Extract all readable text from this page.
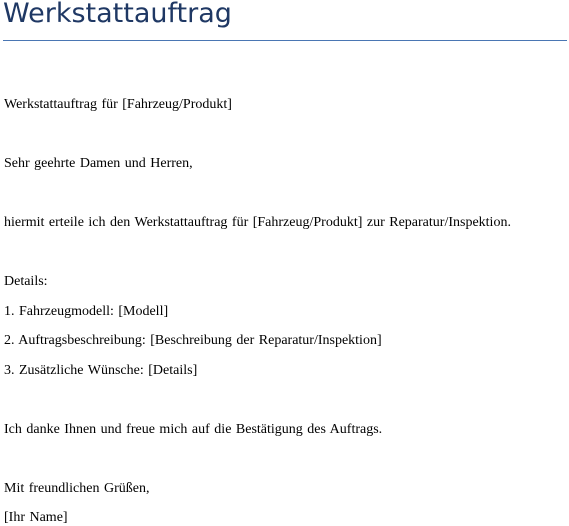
Werkstattauftrag
Werkstattauftrag für [Fahrzeug/Produkt]
Sehr geehrte Damen und Herren,
hiermit erteile ich den Werkstattauftrag für [Fahrzeug/Produkt] zur Reparatur/Inspektion.
Details:
1. Fahrzeugmodell: [Modell]
2. Auftragsbeschreibung: [Beschreibung der Reparatur/Inspektion]
3. Zusätzliche Wünsche: [Details]
Ich danke Ihnen und freue mich auf die Bestätigung des Auftrags.
Mit freundlichen Grüßen,
[Ihr Name]
